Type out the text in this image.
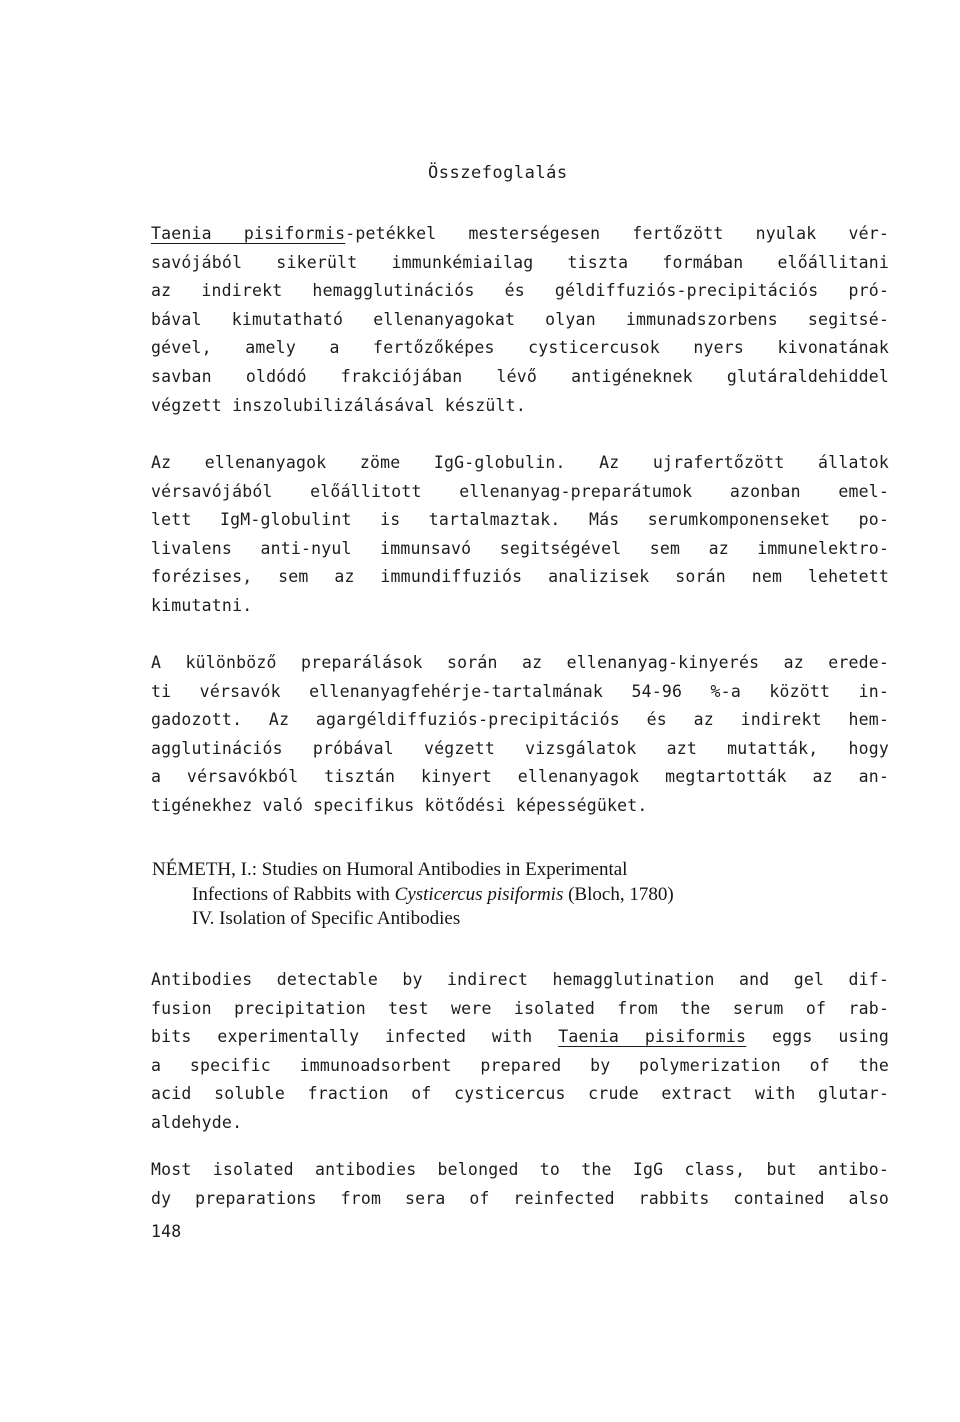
Összefoglalás
Taenia pisiformis-petékkel mesterségesen fertőzött nyulak vér-
savójából sikerült immunkémiailag tiszta formában előállitani
az indirekt hemagglutinációs és géldiffuziós-precipitációs pró-
bával kimutatható ellenanyagokat olyan immunadszorbens segitsé-
gével, amely a fertőzőképes cysticercusok nyers kivonatának
savban oldódó frakciójában lévő antigéneknek glutáraldehiddel
végzett inszolubilizálásával készült.
Az ellenanyagok zöme IgG-globulin. Az ujrafertőzött állatok
vérsavójából előállitott ellenanyag-preparátumok azonban emel-
lett IgM-globulint is tartalmaztak. Más serumkomponenseket po-
livalens anti-nyul immunsavó segitségével sem az immunelektro-
forézises, sem az immundiffuziós analizisek során nem lehetett
kimutatni.
A különböző preparálások során az ellenanyag-kinyerés az erede-
ti vérsavók ellenanyagfehérje-tartalmának 54-96 %-a között in-
gadozott. Az agargéldiffuziós-precipitációs és az indirekt hem-
agglutinációs próbával végzett vizsgálatok azt mutatták, hogy
a vérsavókból tisztán kinyert ellenanyagok megtartották az an-
tigénekhez való specifikus kötődési képességüket.
NÉMETH, I.: Studies on Humoral Antibodies in Experimental
Infections of Rabbits with Cysticercus pisiformis (Bloch, 1780)
IV. Isolation of Specific Antibodies
Antibodies detectable by indirect hemagglutination and gel dif-
fusion precipitation test were isolated from the serum of rab-
bits experimentally infected with Taenia pisiformis eggs using
a specific immunoadsorbent prepared by polymerization of the
acid soluble fraction of cysticercus crude extract with glutar-
aldehyde.
Most isolated antibodies belonged to the IgG class, but antibo-
dy preparations from sera of reinfected rabbits contained also
148
